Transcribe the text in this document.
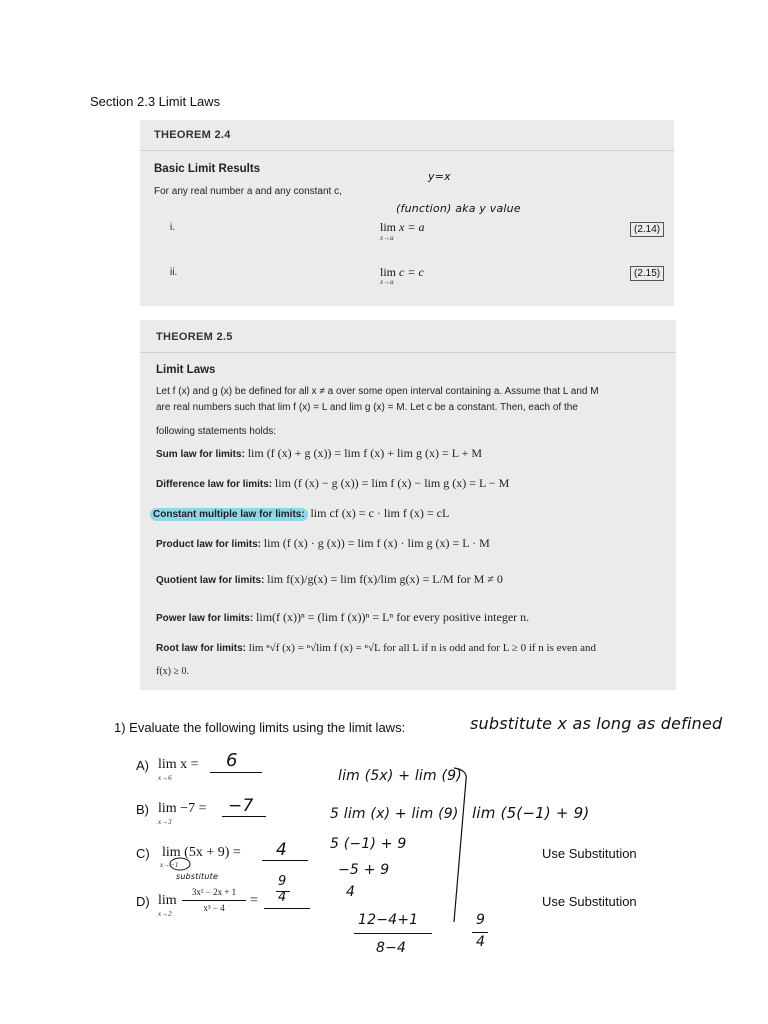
Section 2.3 Limit Laws
THEOREM 2.4
Basic Limit Results
For any real number a and any constant c,
y=x
(function) aka y value
i.	lim x = a
x→a
(2.14)
ii.	lim c = c
x→a
(2.15)
THEOREM 2.5
Limit Laws
Let f (x) and g (x) be defined for all x ≠ a over some open interval containing a. Assume that L and M
are real numbers such that lim f (x) = L and lim g (x) = M. Let c be a constant. Then, each of the
following statements holds:
Sum law for limits: lim (f (x) + g (x)) = lim f (x) + lim g (x) = L + M
Difference law for limits: lim (f (x) − g (x)) = lim f (x) − lim g (x) = L − M
Constant multiple law for limits: lim cf (x) = c · lim f (x) = cL
Product law for limits: lim (f (x) · g (x)) = lim f (x) · lim g (x) = L · M
Quotient law for limits: lim f(x)/g(x) = lim f(x)/lim g(x) = L/M for M ≠ 0
Power law for limits: lim(f (x))ⁿ = (lim f (x))ⁿ = Lⁿ for every positive integer n.
Root law for limits: lim ⁿ√f (x) = ⁿ√lim f (x) = ⁿ√L for all L if n is odd and for L ≥ 0 if n is even and
f(x) ≥ 0.
1) Evaluate the following limits using the limit laws:	substitute x as long as defined
A) lim x =
x→6
6
B) lim −7 =
x→3
−7
C) lim (5x + 9) =
x→−1
substitute
4	Use Substitution
D) lim
x→2
3x² − 2x + 1
x³ − 4	=
9
4	Use Substitution
lim (5x) + lim (9)
5 lim (x) + lim (9)
5 (−1) + 9
−5 + 9
4
lim (5(−1) + 9)
12−4+1
8−4
9
4
